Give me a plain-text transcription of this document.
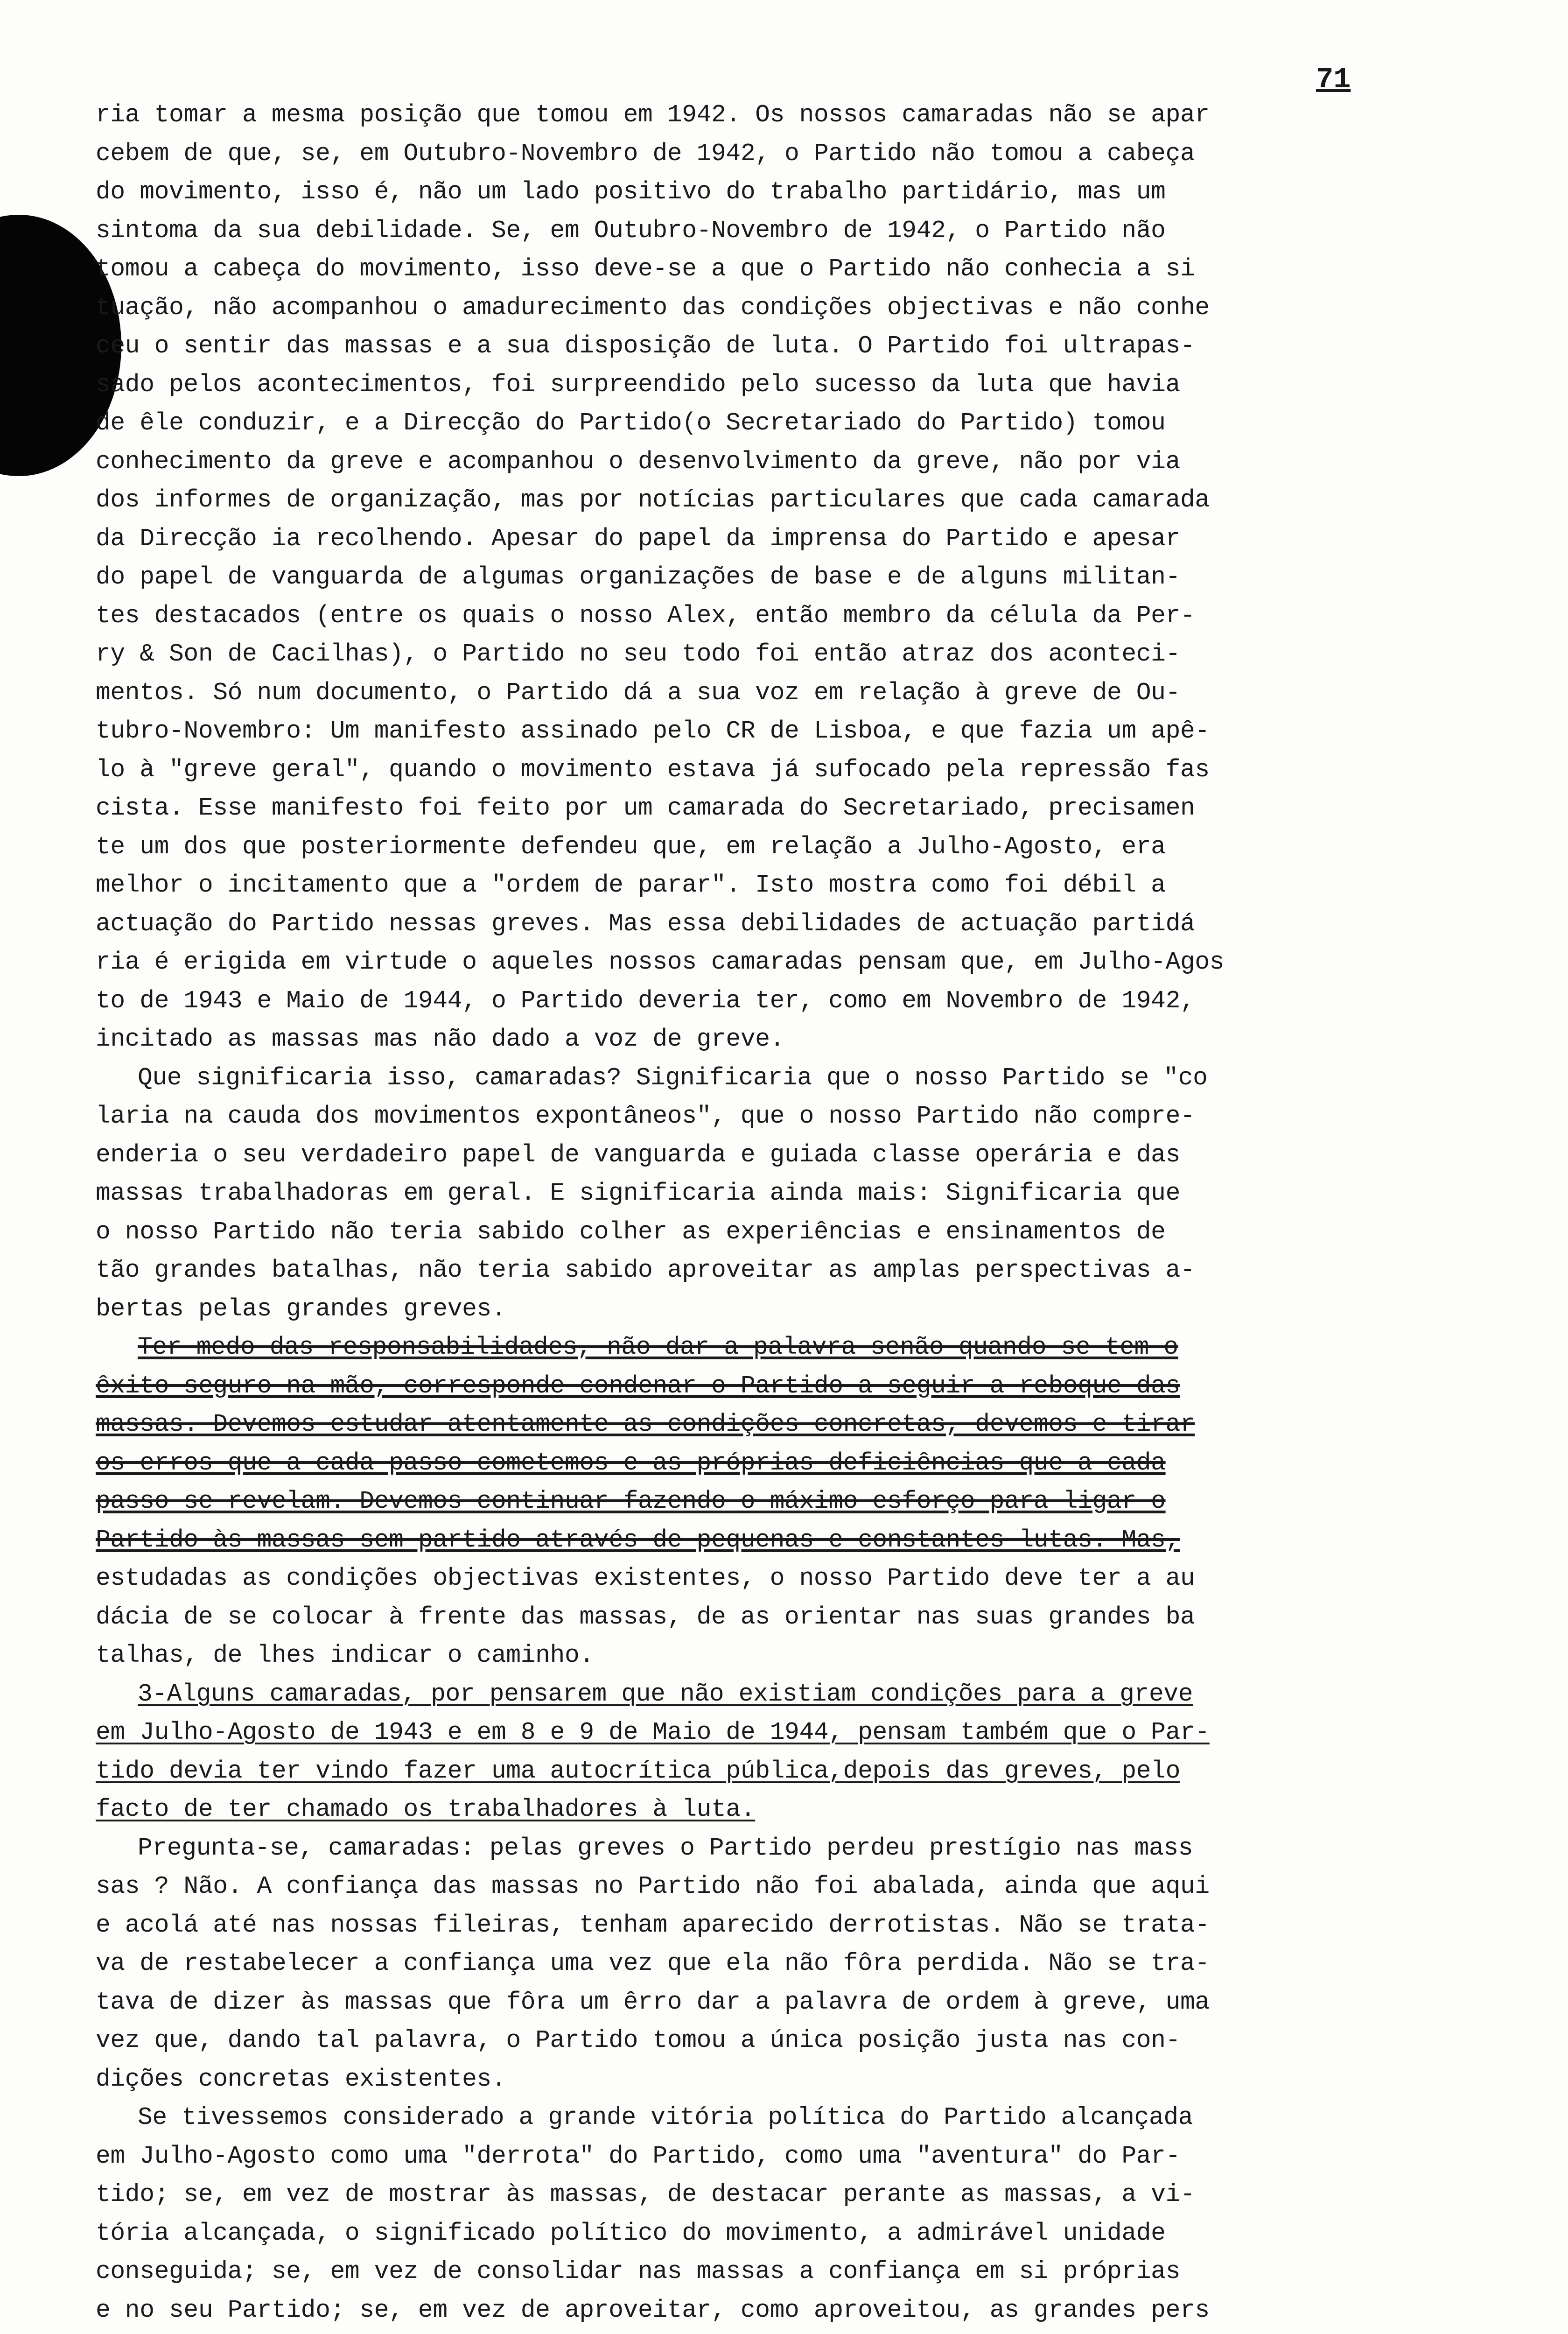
71
ria tomar a mesma posição que tomou em 1942. Os nossos camaradas não se apar
cebem de que, se, em Outubro-Novembro de 1942, o Partido não tomou a cabeça
do movimento, isso é, não um lado positivo do trabalho partidário, mas um
sintoma da sua debilidade. Se, em Outubro-Novembro de 1942, o Partido não
tomou a cabeça do movimento, isso deve-se a que o Partido não conhecia a si
tuação, não acompanhou o amadurecimento das condições objectivas e não conhe
ceu o sentir das massas e a sua disposição de luta. O Partido foi ultrapas-
sado pelos acontecimentos, foi surpreendido pelo sucesso da luta que havia
de êle conduzir, e a Direcção do Partido(o Secretariado do Partido) tomou
conhecimento da greve e acompanhou o desenvolvimento da greve, não por via
dos informes de organização, mas por notícias particulares que cada camarada
da Direcção ia recolhendo. Apesar do papel da imprensa do Partido e apesar
do papel de vanguarda de algumas organizações de base e de alguns militan-
tes destacados (entre os quais o nosso Alex, então membro da célula da Per-
ry & Son de Cacilhas), o Partido no seu todo foi então atraz dos aconteci-
mentos. Só num documento, o Partido dá a sua voz em relação à greve de Ou-
tubro-Novembro: Um manifesto assinado pelo CR de Lisboa, e que fazia um apê-
lo à "greve geral", quando o movimento estava já sufocado pela repressão fas
cista. Esse manifesto foi feito por um camarada do Secretariado, precisamen
te um dos que posteriormente defendeu que, em relação a Julho-Agosto, era
melhor o incitamento que a "ordem de parar". Isto mostra como foi débil a
actuação do Partido nessas greves. Mas essa debilidades de actuação partidá
ria é erigida em virtude o aqueles nossos camaradas pensam que, em Julho-Agos
to de 1943 e Maio de 1944, o Partido deveria ter, como em Novembro de 1942,
incitado as massas mas não dado a voz de greve.
Que significaria isso, camaradas? Significaria que o nosso Partido se "co
laria na cauda dos movimentos expontâneos", que o nosso Partido não compre-
enderia o seu verdadeiro papel de vanguarda e guiada classe operária e das
massas trabalhadoras em geral. E significaria ainda mais: Significaria que
o nosso Partido não teria sabido colher as experiências e ensinamentos de
tão grandes batalhas, não teria sabido aproveitar as amplas perspectivas a-
bertas pelas grandes greves.
Ter medo das responsabilidades, não dar a palavra senão quando se tem o
êxito seguro na mão, corresponde condenar o Partido a seguir a reboque das
massas. Devemos estudar atentamente as condições concretas, devemos e tirar
os erros que a cada passo cometemos e as próprias deficiências que a cada
passo se revelam. Devemos continuar fazendo o máximo esforço para ligar o
Partido às massas sem-partido através de pequenas e constantes lutas. Mas,
estudadas as condições objectivas existentes, o nosso Partido deve ter a au
dácia de se colocar à frente das massas, de as orientar nas suas grandes ba
talhas, de lhes indicar o caminho.
3-Alguns camaradas, por pensarem que não existiam condições para a greve
em Julho-Agosto de 1943 e em 8 e 9 de Maio de 1944, pensam também que o Par-
tido devia ter vindo fazer uma autocrítica pública,depois das greves, pelo
facto de ter chamado os trabalhadores à luta.
Pregunta-se, camaradas: pelas greves o Partido perdeu prestígio nas mass
sas ? Não. A confiança das massas no Partido não foi abalada, ainda que aqui
e acolá até nas nossas fileiras, tenham aparecido derrotistas. Não se trata-
va de restabelecer a confiança uma vez que ela não fôra perdida. Não se tra-
tava de dizer às massas que fôra um êrro dar a palavra de ordem à greve, uma
vez que, dando tal palavra, o Partido tomou a única posição justa nas con-
dições concretas existentes.
Se tivessemos considerado a grande vitória política do Partido alcançada
em Julho-Agosto como uma "derrota" do Partido, como uma "aventura" do Par-
tido; se, em vez de mostrar às massas, de destacar perante as massas, a vi-
tória alcançada, o significado político do movimento, a admirável unidade
conseguida; se, em vez de consolidar nas massas a confiança em si próprias
e no seu Partido; se, em vez de aproveitar, como aproveitou, as grandes pers
